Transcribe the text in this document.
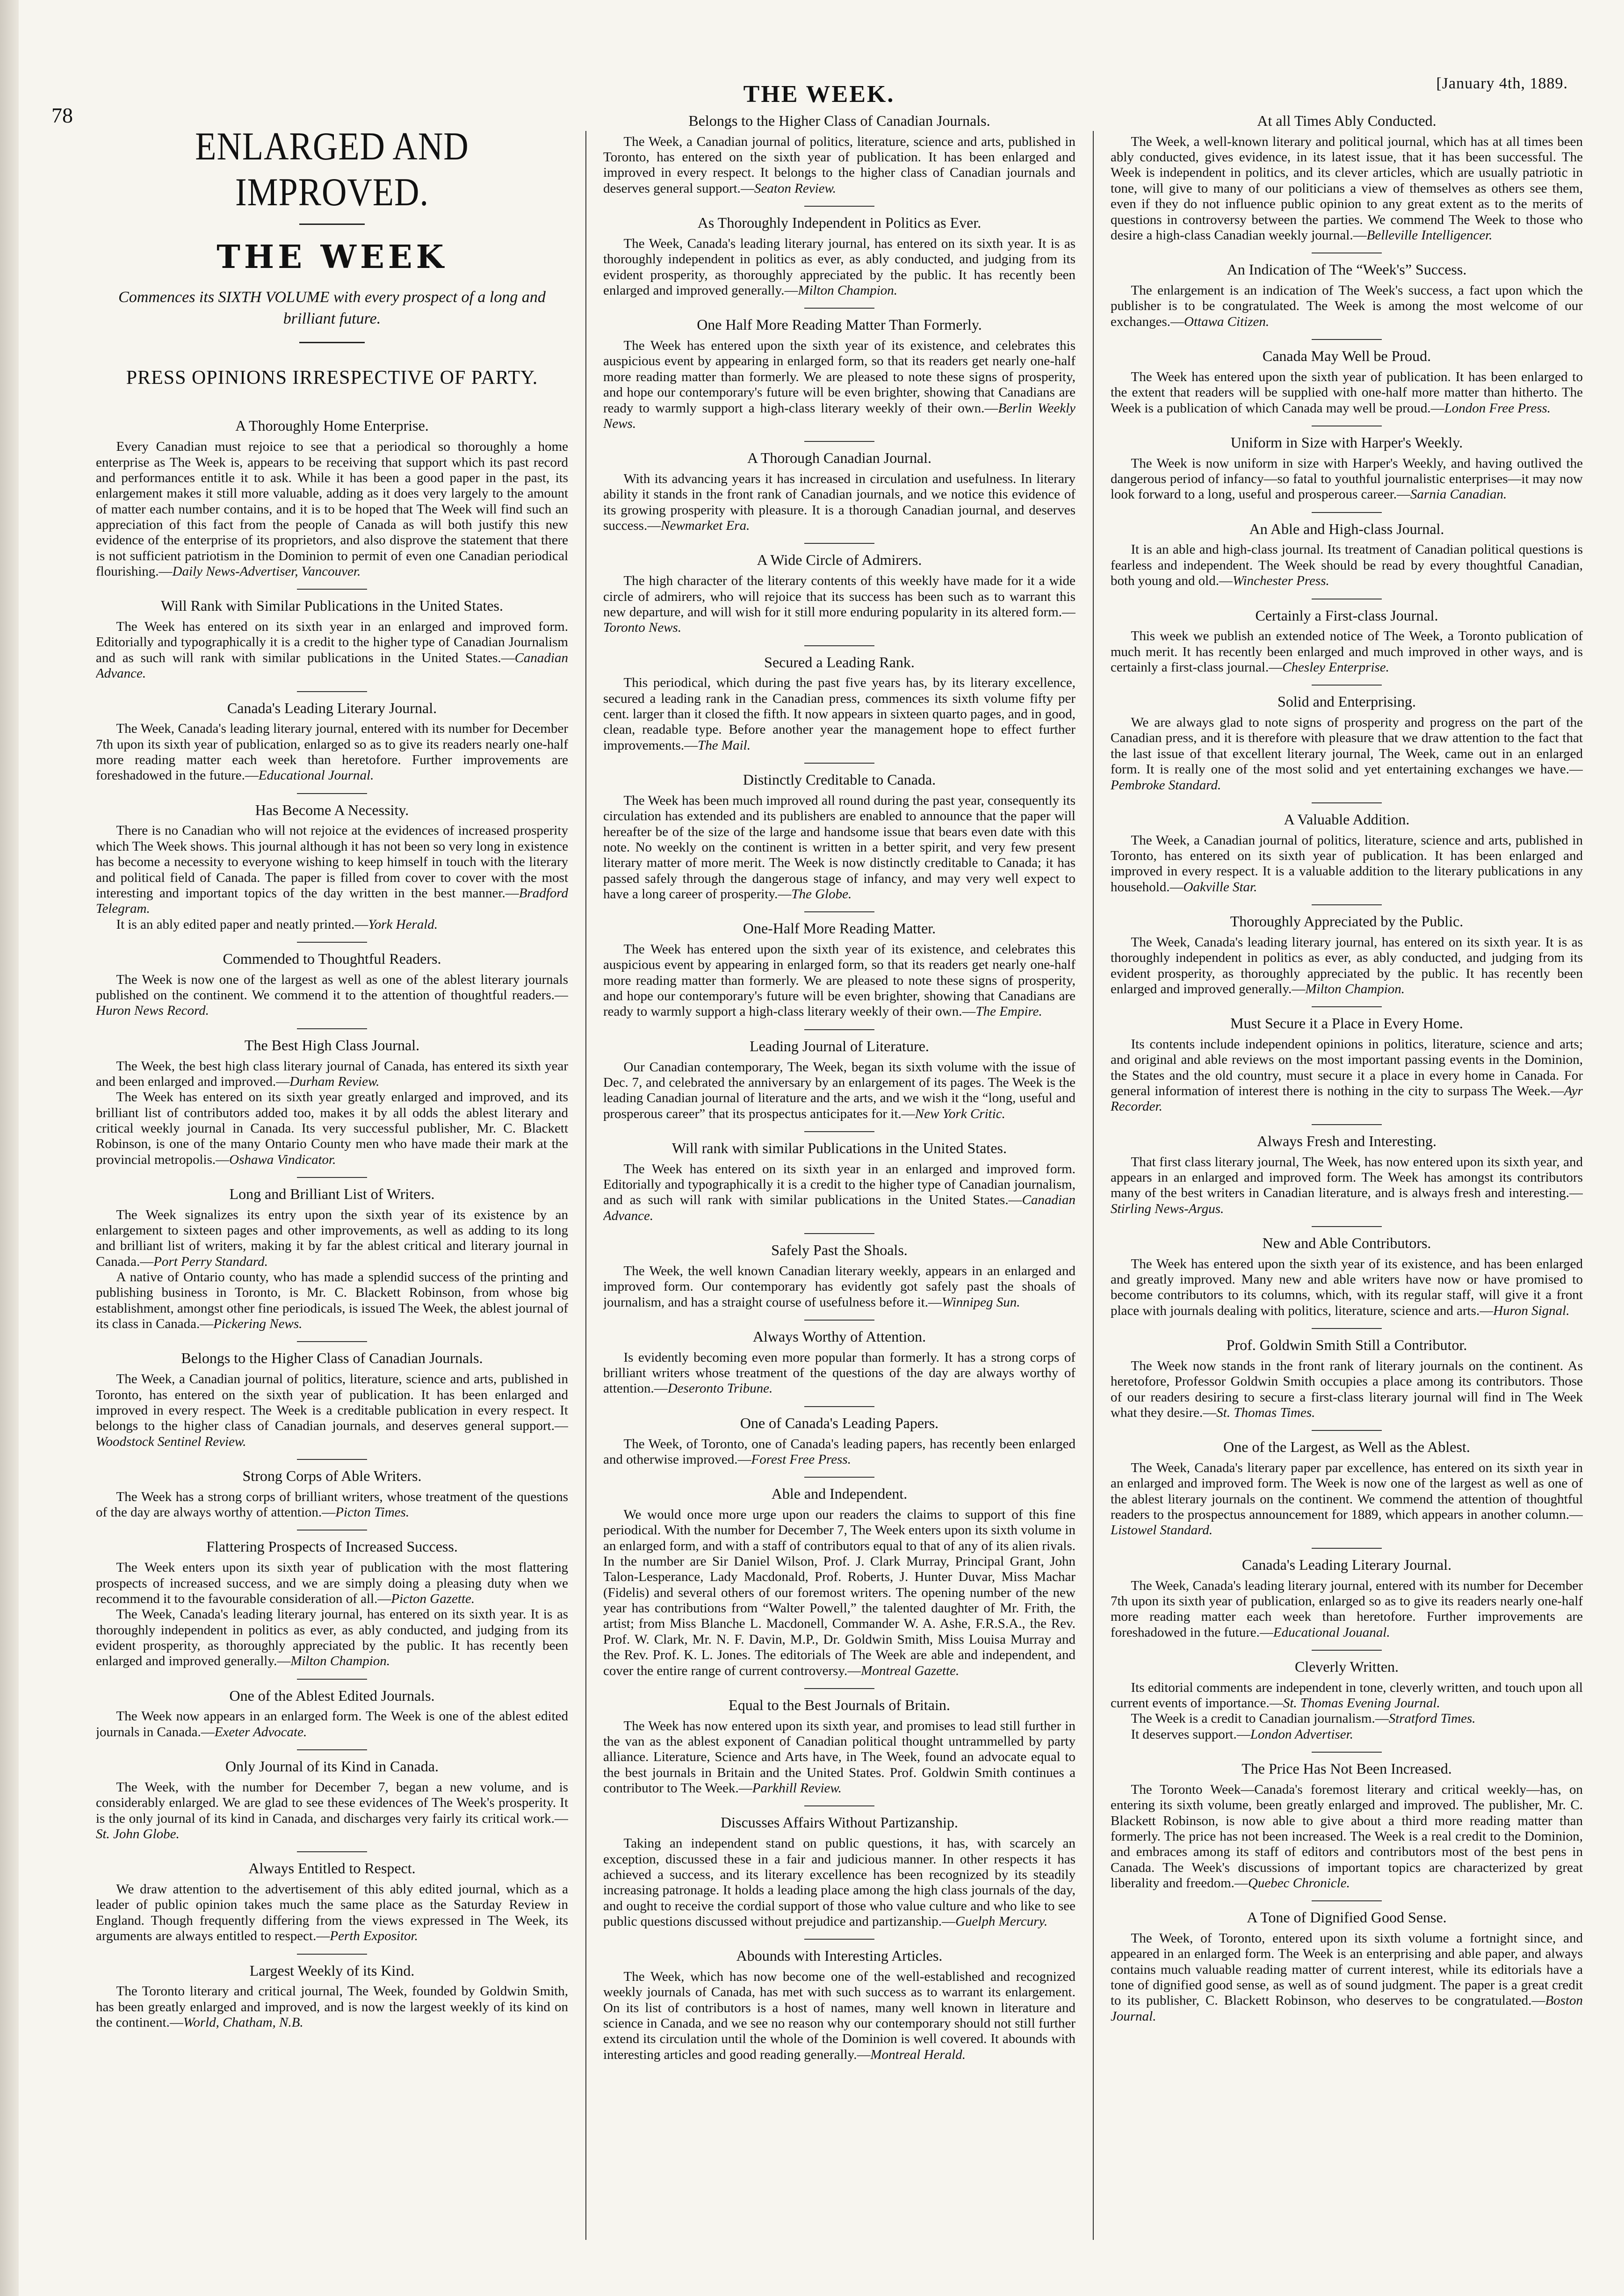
THE WEEK.	[January 4th, 1889.
78
ENLARGED AND IMPROVED.
THE WEEK
Commences its SIXTH VOLUME with every prospect of a long and brilliant future.
PRESS OPINIONS IRRESPECTIVE OF PARTY.
A Thoroughly Home Enterprise.
Every Canadian must rejoice to see that a periodical so thoroughly a home enterprise as The Week is, appears to be receiving that support which its past record and performances entitle it to ask. While it has been a good paper in the past, its enlargement makes it still more valuable, adding as it does very largely to the amount of matter each number contains, and it is to be hoped that The Week will find such an appreciation of this fact from the people of Canada as will both justify this new evidence of the enterprise of its proprietors, and also disprove the statement that there is not sufficient patriotism in the Dominion to permit of even one Canadian periodical flourishing.—Daily News-Advertiser, Vancouver.
Will Rank with Similar Publications in the United States.
The Week has entered on its sixth year in an enlarged and improved form. Editorially and typographically it is a credit to the higher type of Canadian Journalism and as such will rank with similar publications in the United States.—Canadian Advance.
Canada's Leading Literary Journal.
The Week, Canada's leading literary journal, entered with its number for December 7th upon its sixth year of publication, enlarged so as to give its readers nearly one-half more reading matter each week than heretofore. Further improvements are foreshadowed in the future.—Educational Journal.
Has Become A Necessity.
There is no Canadian who will not rejoice at the evidences of increased prosperity which The Week shows. This journal although it has not been so very long in existence has become a necessity to everyone wishing to keep himself in touch with the literary and political field of Canada. The paper is filled from cover to cover with the most interesting and important topics of the day written in the best manner.—Bradford Telegram.
It is an ably edited paper and neatly printed.—York Herald.
Commended to Thoughtful Readers.
The Week is now one of the largest as well as one of the ablest literary journals published on the continent. We commend it to the attention of thoughtful readers.—Huron News Record.
The Best High Class Journal.
The Week, the best high class literary journal of Canada, has entered its sixth year and been enlarged and improved.—Durham Review.
The Week has entered on its sixth year greatly enlarged and improved, and its brilliant list of contributors added too, makes it by all odds the ablest literary and critical weekly journal in Canada. Its very successful publisher, Mr. C. Blackett Robinson, is one of the many Ontario County men who have made their mark at the provincial metropolis.—Oshawa Vindicator.
Long and Brilliant List of Writers.
The Week signalizes its entry upon the sixth year of its existence by an enlargement to sixteen pages and other improvements, as well as adding to its long and brilliant list of writers, making it by far the ablest critical and literary journal in Canada.—Port Perry Standard.
A native of Ontario county, who has made a splendid success of the printing and publishing business in Toronto, is Mr. C. Blackett Robinson, from whose big establishment, amongst other fine periodicals, is issued The Week, the ablest journal of its class in Canada.—Pickering News.
Belongs to the Higher Class of Canadian Journals.
The Week, a Canadian journal of politics, literature, science and arts, published in Toronto, has entered on the sixth year of publication. It has been enlarged and improved in every respect. The Week is a creditable publication in every respect. It belongs to the higher class of Canadian journals, and deserves general support.—Woodstock Sentinel Review.
Strong Corps of Able Writers.
The Week has a strong corps of brilliant writers, whose treatment of the questions of the day are always worthy of attention.—Picton Times.
Flattering Prospects of Increased Success.
The Week enters upon its sixth year of publication with the most flattering prospects of increased success, and we are simply doing a pleasing duty when we recommend it to the favourable consideration of all.—Picton Gazette.
The Week, Canada's leading literary journal, has entered on its sixth year. It is as thoroughly independent in politics as ever, as ably conducted, and judging from its evident prosperity, as thoroughly appreciated by the public. It has recently been enlarged and improved generally.—Milton Champion.
One of the Ablest Edited Journals.
The Week now appears in an enlarged form. The Week is one of the ablest edited journals in Canada.—Exeter Advocate.
Only Journal of its Kind in Canada.
The Week, with the number for December 7, began a new volume, and is considerably enlarged. We are glad to see these evidences of The Week's prosperity. It is the only journal of its kind in Canada, and discharges very fairly its critical work.—St. John Globe.
Always Entitled to Respect.
We draw attention to the advertisement of this ably edited journal, which as a leader of public opinion takes much the same place as the Saturday Review in England. Though frequently differing from the views expressed in The Week, its arguments are always entitled to respect.—Perth Expositor.
Largest Weekly of its Kind.
The Toronto literary and critical journal, The Week, founded by Goldwin Smith, has been greatly enlarged and improved, and is now the largest weekly of its kind on the continent.—World, Chatham, N.B.
Belongs to the Higher Class of Canadian Journals.
The Week, a Canadian journal of politics, literature, science and arts, published in Toronto, has entered on the sixth year of publication. It has been enlarged and improved in every respect. It belongs to the higher class of Canadian journals and deserves general support.—Seaton Review.
As Thoroughly Independent in Politics as Ever.
The Week, Canada's leading literary journal, has entered on its sixth year. It is as thoroughly independent in politics as ever, as ably conducted, and judging from its evident prosperity, as thoroughly appreciated by the public. It has recently been enlarged and improved generally.—Milton Champion.
One Half More Reading Matter Than Formerly.
The Week has entered upon the sixth year of its existence, and celebrates this auspicious event by appearing in enlarged form, so that its readers get nearly one-half more reading matter than formerly. We are pleased to note these signs of prosperity, and hope our contemporary's future will be even brighter, showing that Canadians are ready to warmly support a high-class literary weekly of their own.—Berlin Weekly News.
A Thorough Canadian Journal.
With its advancing years it has increased in circulation and usefulness. In literary ability it stands in the front rank of Canadian journals, and we notice this evidence of its growing prosperity with pleasure. It is a thorough Canadian journal, and deserves success.—Newmarket Era.
A Wide Circle of Admirers.
The high character of the literary contents of this weekly have made for it a wide circle of admirers, who will rejoice that its success has been such as to warrant this new departure, and will wish for it still more enduring popularity in its altered form.—Toronto News.
Secured a Leading Rank.
This periodical, which during the past five years has, by its literary excellence, secured a leading rank in the Canadian press, commences its sixth volume fifty per cent. larger than it closed the fifth. It now appears in sixteen quarto pages, and in good, clean, readable type. Before another year the management hope to effect further improvements.—The Mail.
Distinctly Creditable to Canada.
The Week has been much improved all round during the past year, consequently its circulation has extended and its publishers are enabled to announce that the paper will hereafter be of the size of the large and handsome issue that bears even date with this note. No weekly on the continent is written in a better spirit, and very few present literary matter of more merit. The Week is now distinctly creditable to Canada; it has passed safely through the dangerous stage of infancy, and may very well expect to have a long career of prosperity.—The Globe.
One-Half More Reading Matter.
The Week has entered upon the sixth year of its existence, and celebrates this auspicious event by appearing in enlarged form, so that its readers get nearly one-half more reading matter than formerly. We are pleased to note these signs of prosperity, and hope our contemporary's future will be even brighter, showing that Canadians are ready to warmly support a high-class literary weekly of their own.—The Empire.
Leading Journal of Literature.
Our Canadian contemporary, The Week, began its sixth volume with the issue of Dec. 7, and celebrated the anniversary by an enlargement of its pages. The Week is the leading Canadian journal of literature and the arts, and we wish it the “long, useful and prosperous career” that its prospectus anticipates for it.—New York Critic.
Will rank with similar Publications in the United States.
The Week has entered on its sixth year in an enlarged and improved form. Editorially and typographically it is a credit to the higher type of Canadian journalism, and as such will rank with similar publications in the United States.—Canadian Advance.
Safely Past the Shoals.
The Week, the well known Canadian literary weekly, appears in an enlarged and improved form. Our contemporary has evidently got safely past the shoals of journalism, and has a straight course of usefulness before it.—Winnipeg Sun.
Always Worthy of Attention.
Is evidently becoming even more popular than formerly. It has a strong corps of brilliant writers whose treatment of the questions of the day are always worthy of attention.—Deseronto Tribune.
One of Canada's Leading Papers.
The Week, of Toronto, one of Canada's leading papers, has recently been enlarged and otherwise improved.—Forest Free Press.
Able and Independent.
We would once more urge upon our readers the claims to support of this fine periodical. With the number for December 7, The Week enters upon its sixth volume in an enlarged form, and with a staff of contributors equal to that of any of its alien rivals. In the number are Sir Daniel Wilson, Prof. J. Clark Murray, Principal Grant, John Talon-Lesperance, Lady Macdonald, Prof. Roberts, J. Hunter Duvar, Miss Machar (Fidelis) and several others of our foremost writers. The opening number of the new year has contributions from “Walter Powell,” the talented daughter of Mr. Frith, the artist; from Miss Blanche L. Macdonell, Commander W. A. Ashe, F.R.S.A., the Rev. Prof. W. Clark, Mr. N. F. Davin, M.P., Dr. Goldwin Smith, Miss Louisa Murray and the Rev. Prof. K. L. Jones. The editorials of The Week are able and independent, and cover the entire range of current controversy.—Montreal Gazette.
Equal to the Best Journals of Britain.
The Week has now entered upon its sixth year, and promises to lead still further in the van as the ablest exponent of Canadian political thought untrammelled by party alliance. Literature, Science and Arts have, in The Week, found an advocate equal to the best journals in Britain and the United States. Prof. Goldwin Smith continues a contributor to The Week.—Parkhill Review.
Discusses Affairs Without Partizanship.
Taking an independent stand on public questions, it has, with scarcely an exception, discussed these in a fair and judicious manner. In other respects it has achieved a success, and its literary excellence has been recognized by its steadily increasing patronage. It holds a leading place among the high class journals of the day, and ought to receive the cordial support of those who value culture and who like to see public questions discussed without prejudice and partizanship.—Guelph Mercury.
Abounds with Interesting Articles.
The Week, which has now become one of the well-established and recognized weekly journals of Canada, has met with such success as to warrant its enlargement. On its list of contributors is a host of names, many well known in literature and science in Canada, and we see no reason why our contemporary should not still further extend its circulation until the whole of the Dominion is well covered. It abounds with interesting articles and good reading generally.—Montreal Herald.
At all Times Ably Conducted.
The Week, a well-known literary and political journal, which has at all times been ably conducted, gives evidence, in its latest issue, that it has been successful. The Week is independent in politics, and its clever articles, which are usually patriotic in tone, will give to many of our politicians a view of themselves as others see them, even if they do not influence public opinion to any great extent as to the merits of questions in controversy between the parties. We commend The Week to those who desire a high-class Canadian weekly journal.—Belleville Intelligencer.
An Indication of The “Week's” Success.
The enlargement is an indication of The Week's success, a fact upon which the publisher is to be congratulated. The Week is among the most welcome of our exchanges.—Ottawa Citizen.
Canada May Well be Proud.
The Week has entered upon the sixth year of publication. It has been enlarged to the extent that readers will be supplied with one-half more matter than hitherto. The Week is a publication of which Canada may well be proud.—London Free Press.
Uniform in Size with Harper's Weekly.
The Week is now uniform in size with Harper's Weekly, and having outlived the dangerous period of infancy—so fatal to youthful journalistic enterprises—it may now look forward to a long, useful and prosperous career.—Sarnia Canadian.
An Able and High-class Journal.
It is an able and high-class journal. Its treatment of Canadian political questions is fearless and independent. The Week should be read by every thoughtful Canadian, both young and old.—Winchester Press.
Certainly a First-class Journal.
This week we publish an extended notice of The Week, a Toronto publication of much merit. It has recently been enlarged and much improved in other ways, and is certainly a first-class journal.—Chesley Enterprise.
Solid and Enterprising.
We are always glad to note signs of prosperity and progress on the part of the Canadian press, and it is therefore with pleasure that we draw attention to the fact that the last issue of that excellent literary journal, The Week, came out in an enlarged form. It is really one of the most solid and yet entertaining exchanges we have.—Pembroke Standard.
A Valuable Addition.
The Week, a Canadian journal of politics, literature, science and arts, published in Toronto, has entered on its sixth year of publication. It has been enlarged and improved in every respect. It is a valuable addition to the literary publications in any household.—Oakville Star.
Thoroughly Appreciated by the Public.
The Week, Canada's leading literary journal, has entered on its sixth year. It is as thoroughly independent in politics as ever, as ably conducted, and judging from its evident prosperity, as thoroughly appreciated by the public. It has recently been enlarged and improved generally.—Milton Champion.
Must Secure it a Place in Every Home.
Its contents include independent opinions in politics, literature, science and arts; and original and able reviews on the most important passing events in the Dominion, the States and the old country, must secure it a place in every home in Canada. For general information of interest there is nothing in the city to surpass The Week.—Ayr Recorder.
Always Fresh and Interesting.
That first class literary journal, The Week, has now entered upon its sixth year, and appears in an enlarged and improved form. The Week has amongst its contributors many of the best writers in Canadian literature, and is always fresh and interesting.—Stirling News-Argus.
New and Able Contributors.
The Week has entered upon the sixth year of its existence, and has been enlarged and greatly improved. Many new and able writers have now or have promised to become contributors to its columns, which, with its regular staff, will give it a front place with journals dealing with politics, literature, science and arts.—Huron Signal.
Prof. Goldwin Smith Still a Contributor.
The Week now stands in the front rank of literary journals on the continent. As heretofore, Professor Goldwin Smith occupies a place among its contributors. Those of our readers desiring to secure a first-class literary journal will find in The Week what they desire.—St. Thomas Times.
One of the Largest, as Well as the Ablest.
The Week, Canada's literary paper par excellence, has entered on its sixth year in an enlarged and improved form. The Week is now one of the largest as well as one of the ablest literary journals on the continent. We commend the attention of thoughtful readers to the prospectus announcement for 1889, which appears in another column.—Listowel Standard.
Canada's Leading Literary Journal.
The Week, Canada's leading literary journal, entered with its number for December 7th upon its sixth year of publication, enlarged so as to give its readers nearly one-half more reading matter each week than heretofore. Further improvements are foreshadowed in the future.—Educational Jouanal.
Cleverly Written.
Its editorial comments are independent in tone, cleverly written, and touch upon all current events of importance.—St. Thomas Evening Journal.
The Week is a credit to Canadian journalism.—Stratford Times.
It deserves support.—London Advertiser.
The Price Has Not Been Increased.
The Toronto Week—Canada's foremost literary and critical weekly—has, on entering its sixth volume, been greatly enlarged and improved. The publisher, Mr. C. Blackett Robinson, is now able to give about a third more reading matter than formerly. The price has not been increased. The Week is a real credit to the Dominion, and embraces among its staff of editors and contributors most of the best pens in Canada. The Week's discussions of important topics are characterized by great liberality and freedom.—Quebec Chronicle.
A Tone of Dignified Good Sense.
The Week, of Toronto, entered upon its sixth volume a fortnight since, and appeared in an enlarged form. The Week is an enterprising and able paper, and always contains much valuable reading matter of current interest, while its editorials have a tone of dignified good sense, as well as of sound judgment. The paper is a great credit to its publisher, C. Blackett Robinson, who deserves to be congratulated.—Boston Journal.
